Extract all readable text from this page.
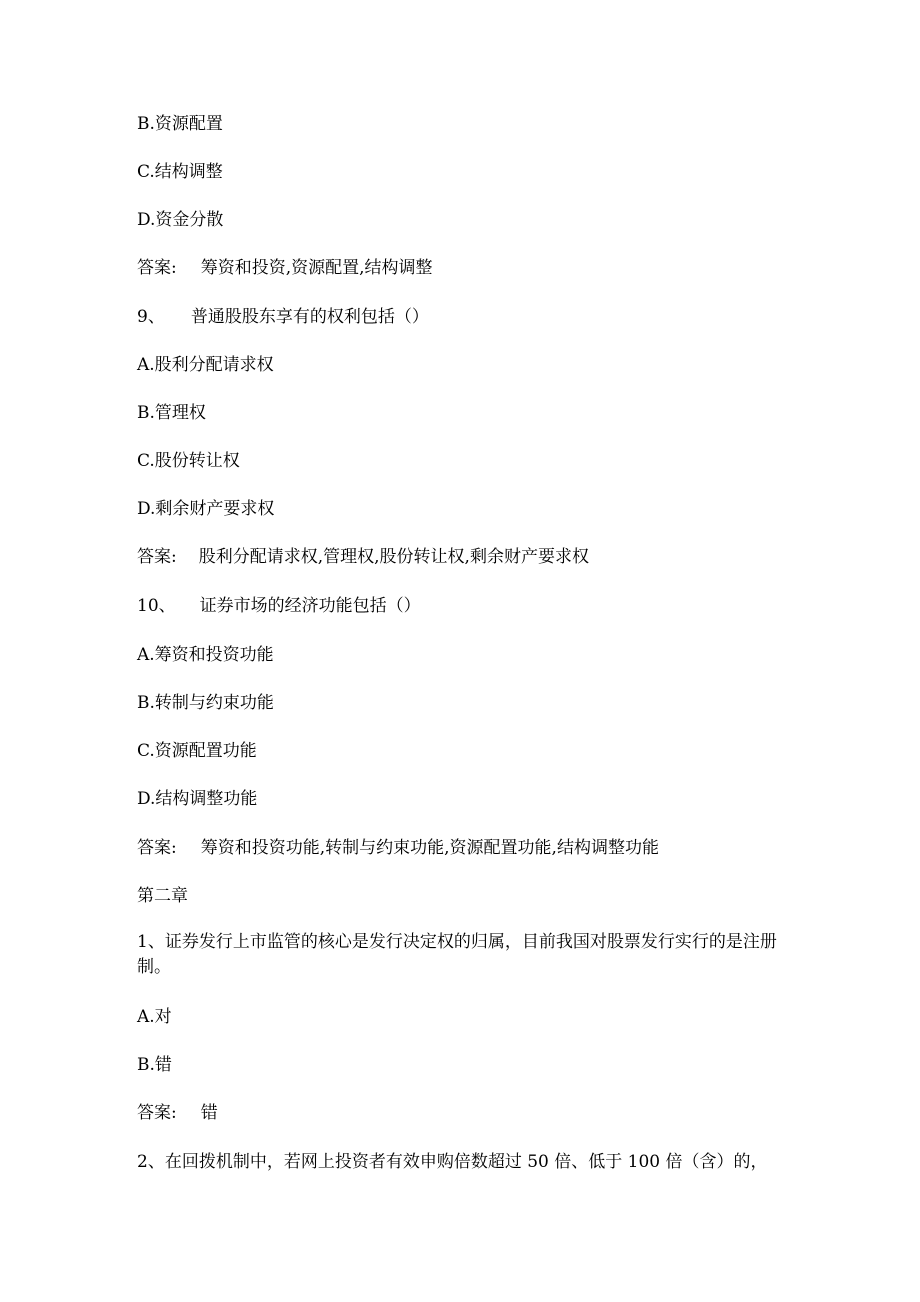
B.资源配置
C.结构调整
D.资金分散
答案: 筹资和投资,资源配置,结构调整
9、 普通股股东享有的权利包括（）
A.股利分配请求权
B.管理权
C.股份转让权
D.剩余财产要求权
答案: 股利分配请求权,管理权,股份转让权,剩余财产要求权
10、 证券市场的经济功能包括（）
A.筹资和投资功能
B.转制与约束功能
C.资源配置功能
D.结构调整功能
答案: 筹资和投资功能,转制与约束功能,资源配置功能,结构调整功能
第二章
1、证券发行上市监管的核心是发行决定权的归属，目前我国对股票发行实行的是注册制。
A.对
B.错
答案: 错
2、在回拨机制中，若网上投资者有效申购倍数超过 50 倍、低于 100 倍（含）的，
